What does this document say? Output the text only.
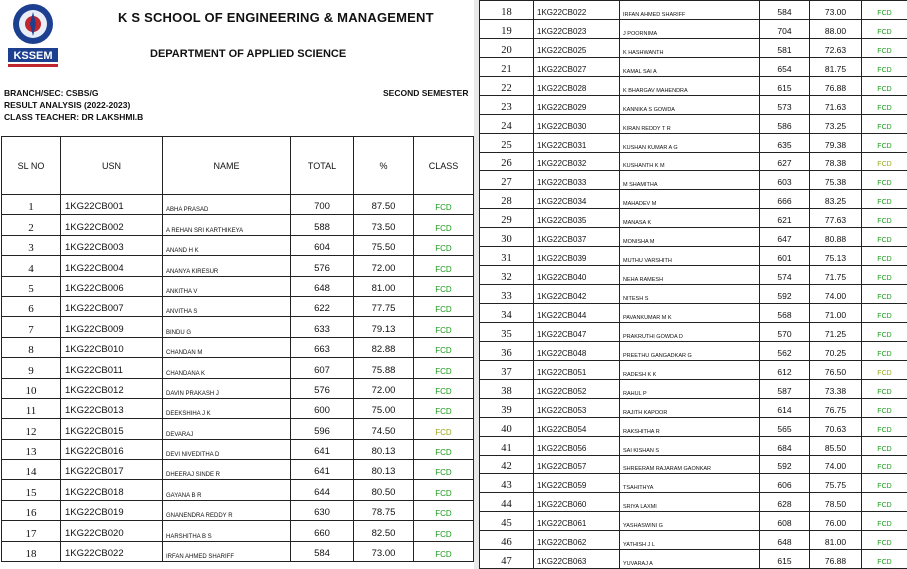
KSSEM
K S SCHOOL OF ENGINEERING & MANAGEMENT
DEPARTMENT OF APPLIED SCIENCE
BRANCH/SEC: CSBS/G
RESULT ANALYSIS (2022-2023)
CLASS TEACHER: DR LAKSHMI.B
SECOND SEMESTER
SL NO	USN	NAME	TOTAL	%	CLASS
1	1KG22CB001	ABHA PRASAD	700	87.50	FCD
2	1KG22CB002	A REHAN SRI KARTHIKEYA	588	73.50	FCD
3	1KG22CB003	ANAND H K	604	75.50	FCD
4	1KG22CB004	ANANYA KIRESUR	576	72.00	FCD
5	1KG22CB006	ANKITHA V	648	81.00	FCD
6	1KG22CB007	ANVITHA S	622	77.75	FCD
7	1KG22CB009	BINDU G	633	79.13	FCD
8	1KG22CB010	CHANDAN M	663	82.88	FCD
9	1KG22CB011	CHANDANA K	607	75.88	FCD
10	1KG22CB012	DAVIN PRAKASH J	576	72.00	FCD
11	1KG22CB013	DEEKSHIHA J K	600	75.00	FCD
12	1KG22CB015	DEVARAJ	596	74.50	FCD
13	1KG22CB016	DEVI NIVEDITHA D	641	80.13	FCD
14	1KG22CB017	DHEERAJ SINDE R	641	80.13	FCD
15	1KG22CB018	GAYANA B R	644	80.50	FCD
16	1KG22CB019	GNANENDRA REDDY R	630	78.75	FCD
17	1KG22CB020	HARSHITHA B S	660	82.50	FCD
18	1KG22CB022	IRFAN AHMED SHARIFF	584	73.00	FCD
18	1KG22CB022	IRFAN AHMED SHARIFF	584	73.00	FCD
19	1KG22CB023	J POORNIMA	704	88.00	FCD
20	1KG22CB025	K HASHWANTH	581	72.63	FCD
21	1KG22CB027	KAMAL SAI A	654	81.75	FCD
22	1KG22CB028	K BHARGAV MAHENDRA	615	76.88	FCD
23	1KG22CB029	KANNIKA S GOWDA	573	71.63	FCD
24	1KG22CB030	KIRAN REDDY T R	586	73.25	FCD
25	1KG22CB031	KUSHAN KUMAR A G	635	79.38	FCD
26	1KG22CB032	KUSHANTH K M	627	78.38	FCD
27	1KG22CB033	M SHAMITHA	603	75.38	FCD
28	1KG22CB034	MAHADEV M	666	83.25	FCD
29	1KG22CB035	MANASA K	621	77.63	FCD
30	1KG22CB037	MONISHA M	647	80.88	FCD
31	1KG22CB039	MUTHU VARSHITH	601	75.13	FCD
32	1KG22CB040	NEHA RAMESH	574	71.75	FCD
33	1KG22CB042	NITESH S	592	74.00	FCD
34	1KG22CB044	PAVANKUMAR M K	568	71.00	FCD
35	1KG22CB047	PRAKRUTHI GOWDA D	570	71.25	FCD
36	1KG22CB048	PREETHU GANGADKAR G	562	70.25	FCD
37	1KG22CB051	RADESH K K	612	76.50	FCD
38	1KG22CB052	RAHUL P	587	73.38	FCD
39	1KG22CB053	RAJITH KAPOOR	614	76.75	FCD
40	1KG22CB054	RAKSHITHA R	565	70.63	FCD
41	1KG22CB056	SAI KISHAN S	684	85.50	FCD
42	1KG22CB057	SHREERAM RAJARAM GAONKAR	592	74.00	FCD
43	1KG22CB059	TSAHITHYA	606	75.75	FCD
44	1KG22CB060	SRIYA LAXMI	628	78.50	FCD
45	1KG22CB061	YASHASWINI G	608	76.00	FCD
46	1KG22CB062	YATHISH J L	648	81.00	FCD
47	1KG22CB063	YUVARAJ A	615	76.88	FCD
